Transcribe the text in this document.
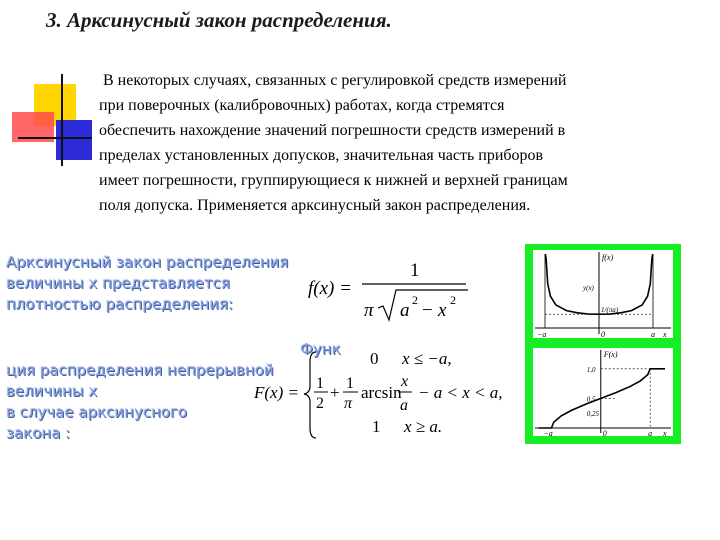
3. Арксинусный закон распределения.

В некоторых случаях, связанных с регулировкой средств измерений
при поверочных (калибровочных) работах, когда стремятся
обеспечить нахождение значений погрешности средств измерений в
пределах установленных допусков, значительная часть приборов
имеет погрешности, группирующиеся к нижней и верхней границам
поля допуска. Применяется арксинусный закон распределения.

Арксинусный закон распределения
величины x представляется
плотностью распределения:
f(x) =
1
π a 2 − x 2
Функ
ция распределения непрерывной
величины x
в случае арксинусного
закона :
F(x) =
0 x ≤ −a,
1
2
+ 1
π
arcsin
x
a
− a < x < a,
1 x ≥ a.
f(x)
y(x)
1/(πa)
−a	0	a x
F(x)
1,0
0,5
0,25
−a	0	a x
